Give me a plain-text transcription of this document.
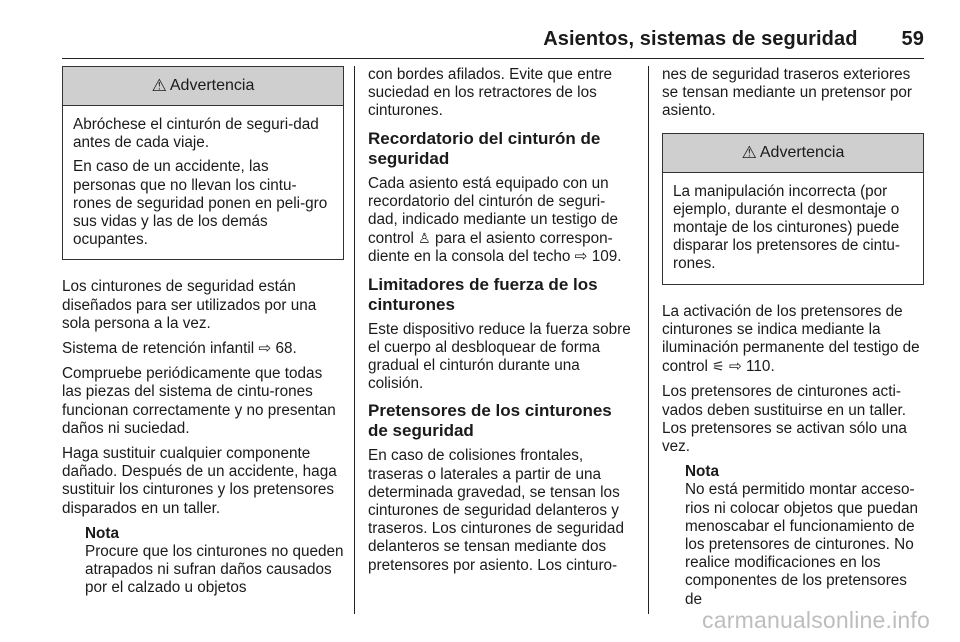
Asientos, sistemas de seguridad 59
⚠ Advertencia

Abróchese el cinturón de seguri-dad antes de cada viaje.

En caso de un accidente, las personas que no llevan los cintu-rones de seguridad ponen en peli-gro sus vidas y las de los demás ocupantes.

Los cinturones de seguridad están diseñados para ser utilizados por una sola persona a la vez.

Sistema de retención infantil ⇨ 68.

Compruebe periódicamente que todas las piezas del sistema de cintu-rones funcionan correctamente y no presentan daños ni suciedad.

Haga sustituir cualquier componente dañado. Después de un accidente, haga sustituir los cinturones y los pretensores disparados en un taller.

Nota
Procure que los cinturones no queden atrapados ni sufran daños causados por el calzado u objetos

con bordes afilados. Evite que entre suciedad en los retractores de los cinturones.

Recordatorio del cinturón de seguridad

Cada asiento está equipado con un recordatorio del cinturón de seguri-dad, indicado mediante un testigo de control ♙ para el asiento correspon-diente en la consola del techo ⇨ 109.

Limitadores de fuerza de los cinturones

Este dispositivo reduce la fuerza sobre el cuerpo al desbloquear de forma gradual el cinturón durante una colisión.

Pretensores de los cinturones de seguridad

En caso de colisiones frontales, traseras o laterales a partir de una determinada gravedad, se tensan los cinturones de seguridad delanteros y traseros. Los cinturones de seguridad delanteros se tensan mediante dos pretensores por asiento. Los cinturo-

nes de seguridad traseros exteriores se tensan mediante un pretensor por asiento.

⚠ Advertencia

La manipulación incorrecta (por ejemplo, durante el desmontaje o montaje de los cinturones) puede disparar los pretensores de cintu-rones.

La activación de los pretensores de cinturones se indica mediante la iluminación permanente del testigo de control ⚟ ⇨ 110.

Los pretensores de cinturones acti-vados deben sustituirse en un taller. Los pretensores se activan sólo una vez.

Nota
No está permitido montar acceso-rios ni colocar objetos que puedan menoscabar el funcionamiento de los pretensores de cinturones. No realice modificaciones en los componentes de los pretensores de
carmanualsonline.info
